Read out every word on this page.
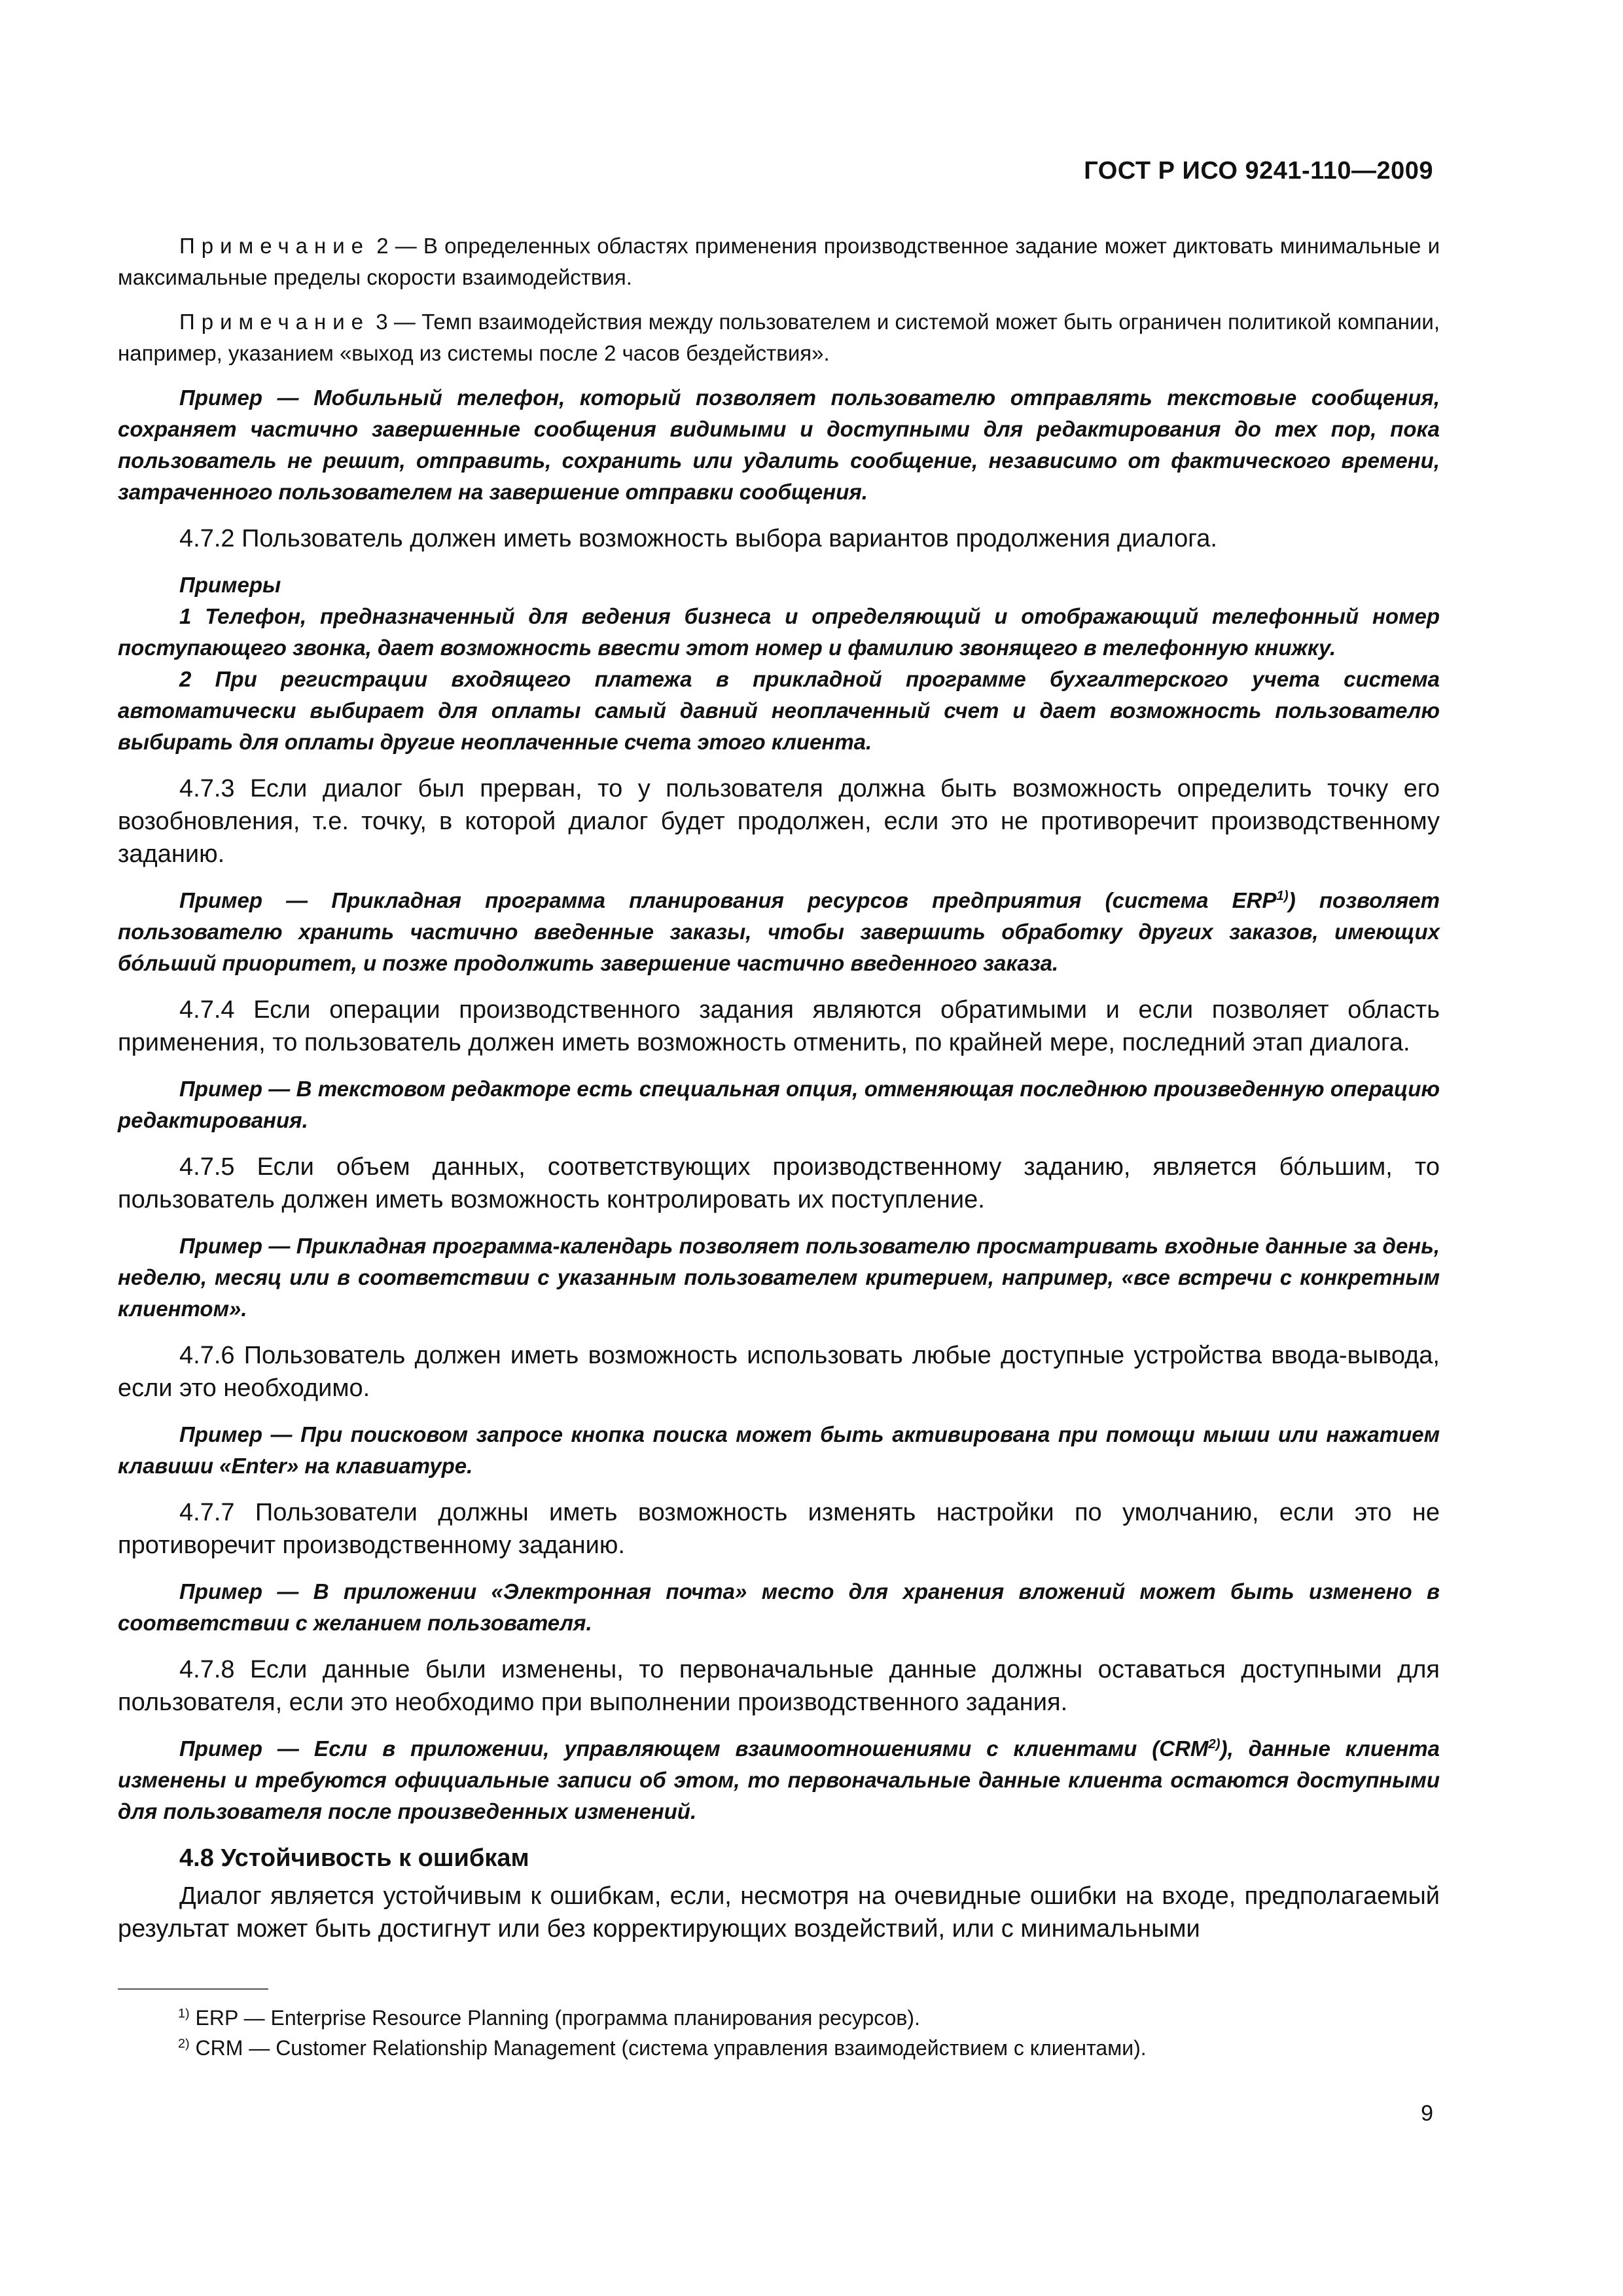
ГОСТ Р ИСО 9241-110—2009

Примечание 2 — В определенных областях применения производственное задание может диктовать минимальные и максимальные пределы скорости взаимодействия.

Примечание 3 — Темп взаимодействия между пользователем и системой может быть ограничен политикой компании, например, указанием «выход из системы после 2 часов бездействия».

Пример — Мобильный телефон, который позволяет пользователю отправлять текстовые сообщения, сохраняет частично завершенные сообщения видимыми и доступными для редактирования до тех пор, пока пользователь не решит, отправить, сохранить или удалить сообщение, независимо от фактического времени, затраченного пользователем на завершение отправки сообщения.

4.7.2 Пользователь должен иметь возможность выбора вариантов продолжения диалога.

Примеры

1 Телефон, предназначенный для ведения бизнеса и определяющий и отображающий телефонный номер поступающего звонка, дает возможность ввести этот номер и фамилию звонящего в телефонную книжку.

2 При регистрации входящего платежа в прикладной программе бухгалтерского учета система автоматически выбирает для оплаты самый давний неоплаченный счет и дает возможность пользователю выбирать для оплаты другие неоплаченные счета этого клиента.

4.7.3 Если диалог был прерван, то у пользователя должна быть возможность определить точку его возобновления, т.е. точку, в которой диалог будет продолжен, если это не противоречит производственному заданию.

Пример — Прикладная программа планирования ресурсов предприятия (система ERP$^{1)}$) позволяет пользователю хранить частично введенные заказы, чтобы завершить обработку других заказов, имеющих бóльший приоритет, и позже продолжить завершение частично введенного заказа.

4.7.4 Если операции производственного задания являются обратимыми и если позволяет область применения, то пользователь должен иметь возможность отменить, по крайней мере, последний этап диалога.

Пример — В текстовом редакторе есть специальная опция, отменяющая последнюю произведенную операцию редактирования.

4.7.5 Если объем данных, соответствующих производственному заданию, является бóльшим, то пользователь должен иметь возможность контролировать их поступление.

Пример — Прикладная программа-календарь позволяет пользователю просматривать входные данные за день, неделю, месяц или в соответствии с указанным пользователем критерием, например, «все встречи с конкретным клиентом».

4.7.6 Пользователь должен иметь возможность использовать любые доступные устройства ввода-вывода, если это необходимо.

Пример — При поисковом запросе кнопка поиска может быть активирована при помощи мыши или нажатием клавиши «Enter» на клавиатуре.

4.7.7 Пользователи должны иметь возможность изменять настройки по умолчанию, если это не противоречит производственному заданию.

Пример — В приложении «Электронная почта» место для хранения вложений может быть изменено в соответствии с желанием пользователя.

4.7.8 Если данные были изменены, то первоначальные данные должны оставаться доступными для пользователя, если это необходимо при выполнении производственного задания.

Пример — Если в приложении, управляющем взаимоотношениями с клиентами (CRM$^{2)}$), данные клиента изменены и требуются официальные записи об этом, то первоначальные данные клиента остаются доступными для пользователя после произведенных изменений.

4.8 Устойчивость к ошибкам

Диалог является устойчивым к ошибкам, если, несмотря на очевидные ошибки на входе, предполагаемый результат может быть достигнут или без корректирующих воздействий, или с минимальными

$^{1)}$ ERP — Enterprise Resource Planning (программа планирования ресурсов).

$^{2)}$ CRM — Customer Relationship Management (система управления взаимодействием с клиентами).

9
